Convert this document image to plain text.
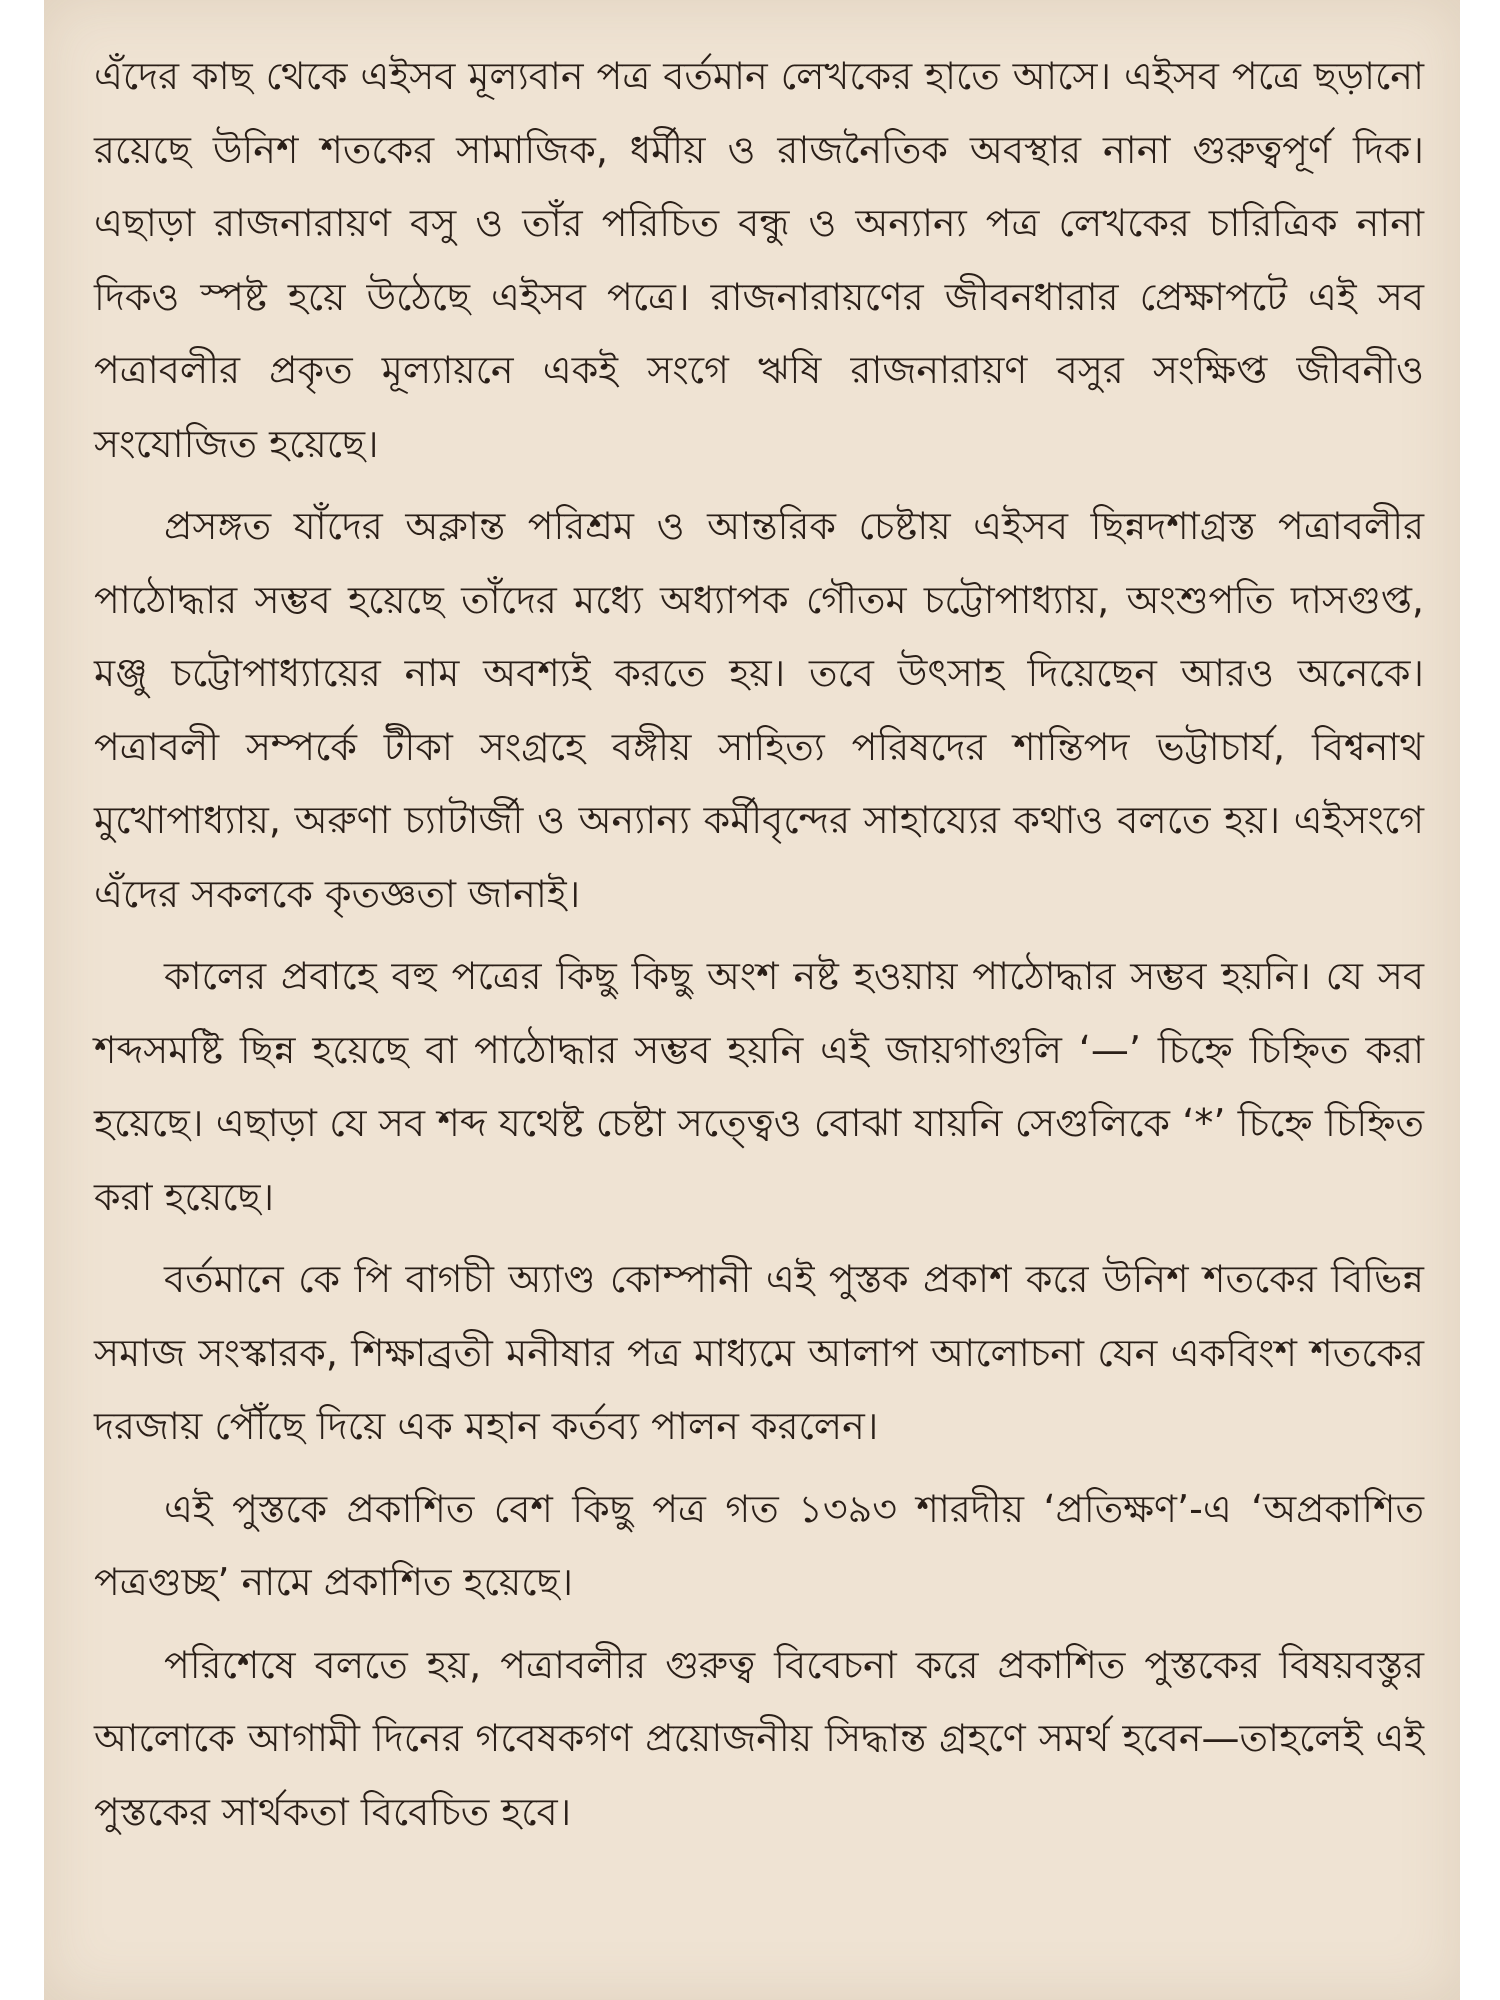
এঁদের কাছ থেকে এইসব মূল্যবান পত্র বর্তমান লেখকের হাতে আসে। এইসব পত্রে ছড়ানো রয়েছে উনিশ শতকের সামাজিক, ধর্মীয় ও রাজনৈতিক অবস্থার নানা গুরুত্বপূর্ণ দিক। এছাড়া রাজনারায়ণ বসু ও তাঁর পরিচিত বন্ধু ও অন্যান্য পত্র লেখকের চারিত্রিক নানা দিকও স্পষ্ট হয়ে উঠেছে এইসব পত্রে। রাজনারায়ণের জীবনধারার প্রেক্ষাপটে এই সব পত্রাবলীর প্রকৃত মূল্যায়নে একই সংগে ঋষি রাজনারায়ণ বসুর সংক্ষিপ্ত জীবনীও সংযোজিত হয়েছে।

প্রসঙ্গত যাঁদের অক্লান্ত পরিশ্রম ও আন্তরিক চেষ্টায় এইসব ছিন্নদশাগ্রস্ত পত্রাবলীর পাঠোদ্ধার সম্ভব হয়েছে তাঁদের মধ্যে অধ্যাপক গৌতম চট্টোপাধ্যায়, অংশুপতি দাসগুপ্ত, মঞ্জু চট্টোপাধ্যায়ের নাম অবশ্যই করতে হয়। তবে উৎসাহ দিয়েছেন আরও অনেকে। পত্রাবলী সম্পর্কে টীকা সংগ্রহে বঙ্গীয় সাহিত্য পরিষদের শান্তিপদ ভট্টাচার্য, বিশ্বনাথ মুখোপাধ্যায়, অরুণা চ্যাটার্জী ও অন্যান্য কর্মীবৃন্দের সাহায্যের কথাও বলতে হয়। এইসংগে এঁদের সকলকে কৃতজ্ঞতা জানাই।

কালের প্রবাহে বহু পত্রের কিছু কিছু অংশ নষ্ট হওয়ায় পাঠোদ্ধার সম্ভব হয়নি। যে সব শব্দসমষ্টি ছিন্ন হয়েছে বা পাঠোদ্ধার সম্ভব হয়নি এই জায়গাগুলি ‘—’ চিহ্নে চিহ্নিত করা হয়েছে। এছাড়া যে সব শব্দ যথেষ্ট চেষ্টা সত্ত্বেও বোঝা যায়নি সেগুলিকে ‘*’ চিহ্নে চিহ্নিত করা হয়েছে।

বর্তমানে কে পি বাগচী অ্যাণ্ড কোম্পানী এই পুস্তক প্রকাশ করে উনিশ শতকের বিভিন্ন সমাজ সংস্কারক, শিক্ষাব্রতী মনীষার পত্র মাধ্যমে আলাপ আলোচনা যেন একবিংশ শতকের দরজায় পৌঁছে দিয়ে এক মহান কর্তব্য পালন করলেন।

এই পুস্তকে প্রকাশিত বেশ কিছু পত্র গত ১৩৯৩ শারদীয় ‘প্রতিক্ষণ’-এ ‘অপ্রকাশিত পত্রগুচ্ছ’ নামে প্রকাশিত হয়েছে।

পরিশেষে বলতে হয়, পত্রাবলীর গুরুত্ব বিবেচনা করে প্রকাশিত পুস্তকের বিষয়বস্তুর আলোকে আগামী দিনের গবেষকগণ প্রয়োজনীয় সিদ্ধান্ত গ্রহণে সমর্থ হবেন—তাহলেই এই পুস্তকের সার্থকতা বিবেচিত হবে।
